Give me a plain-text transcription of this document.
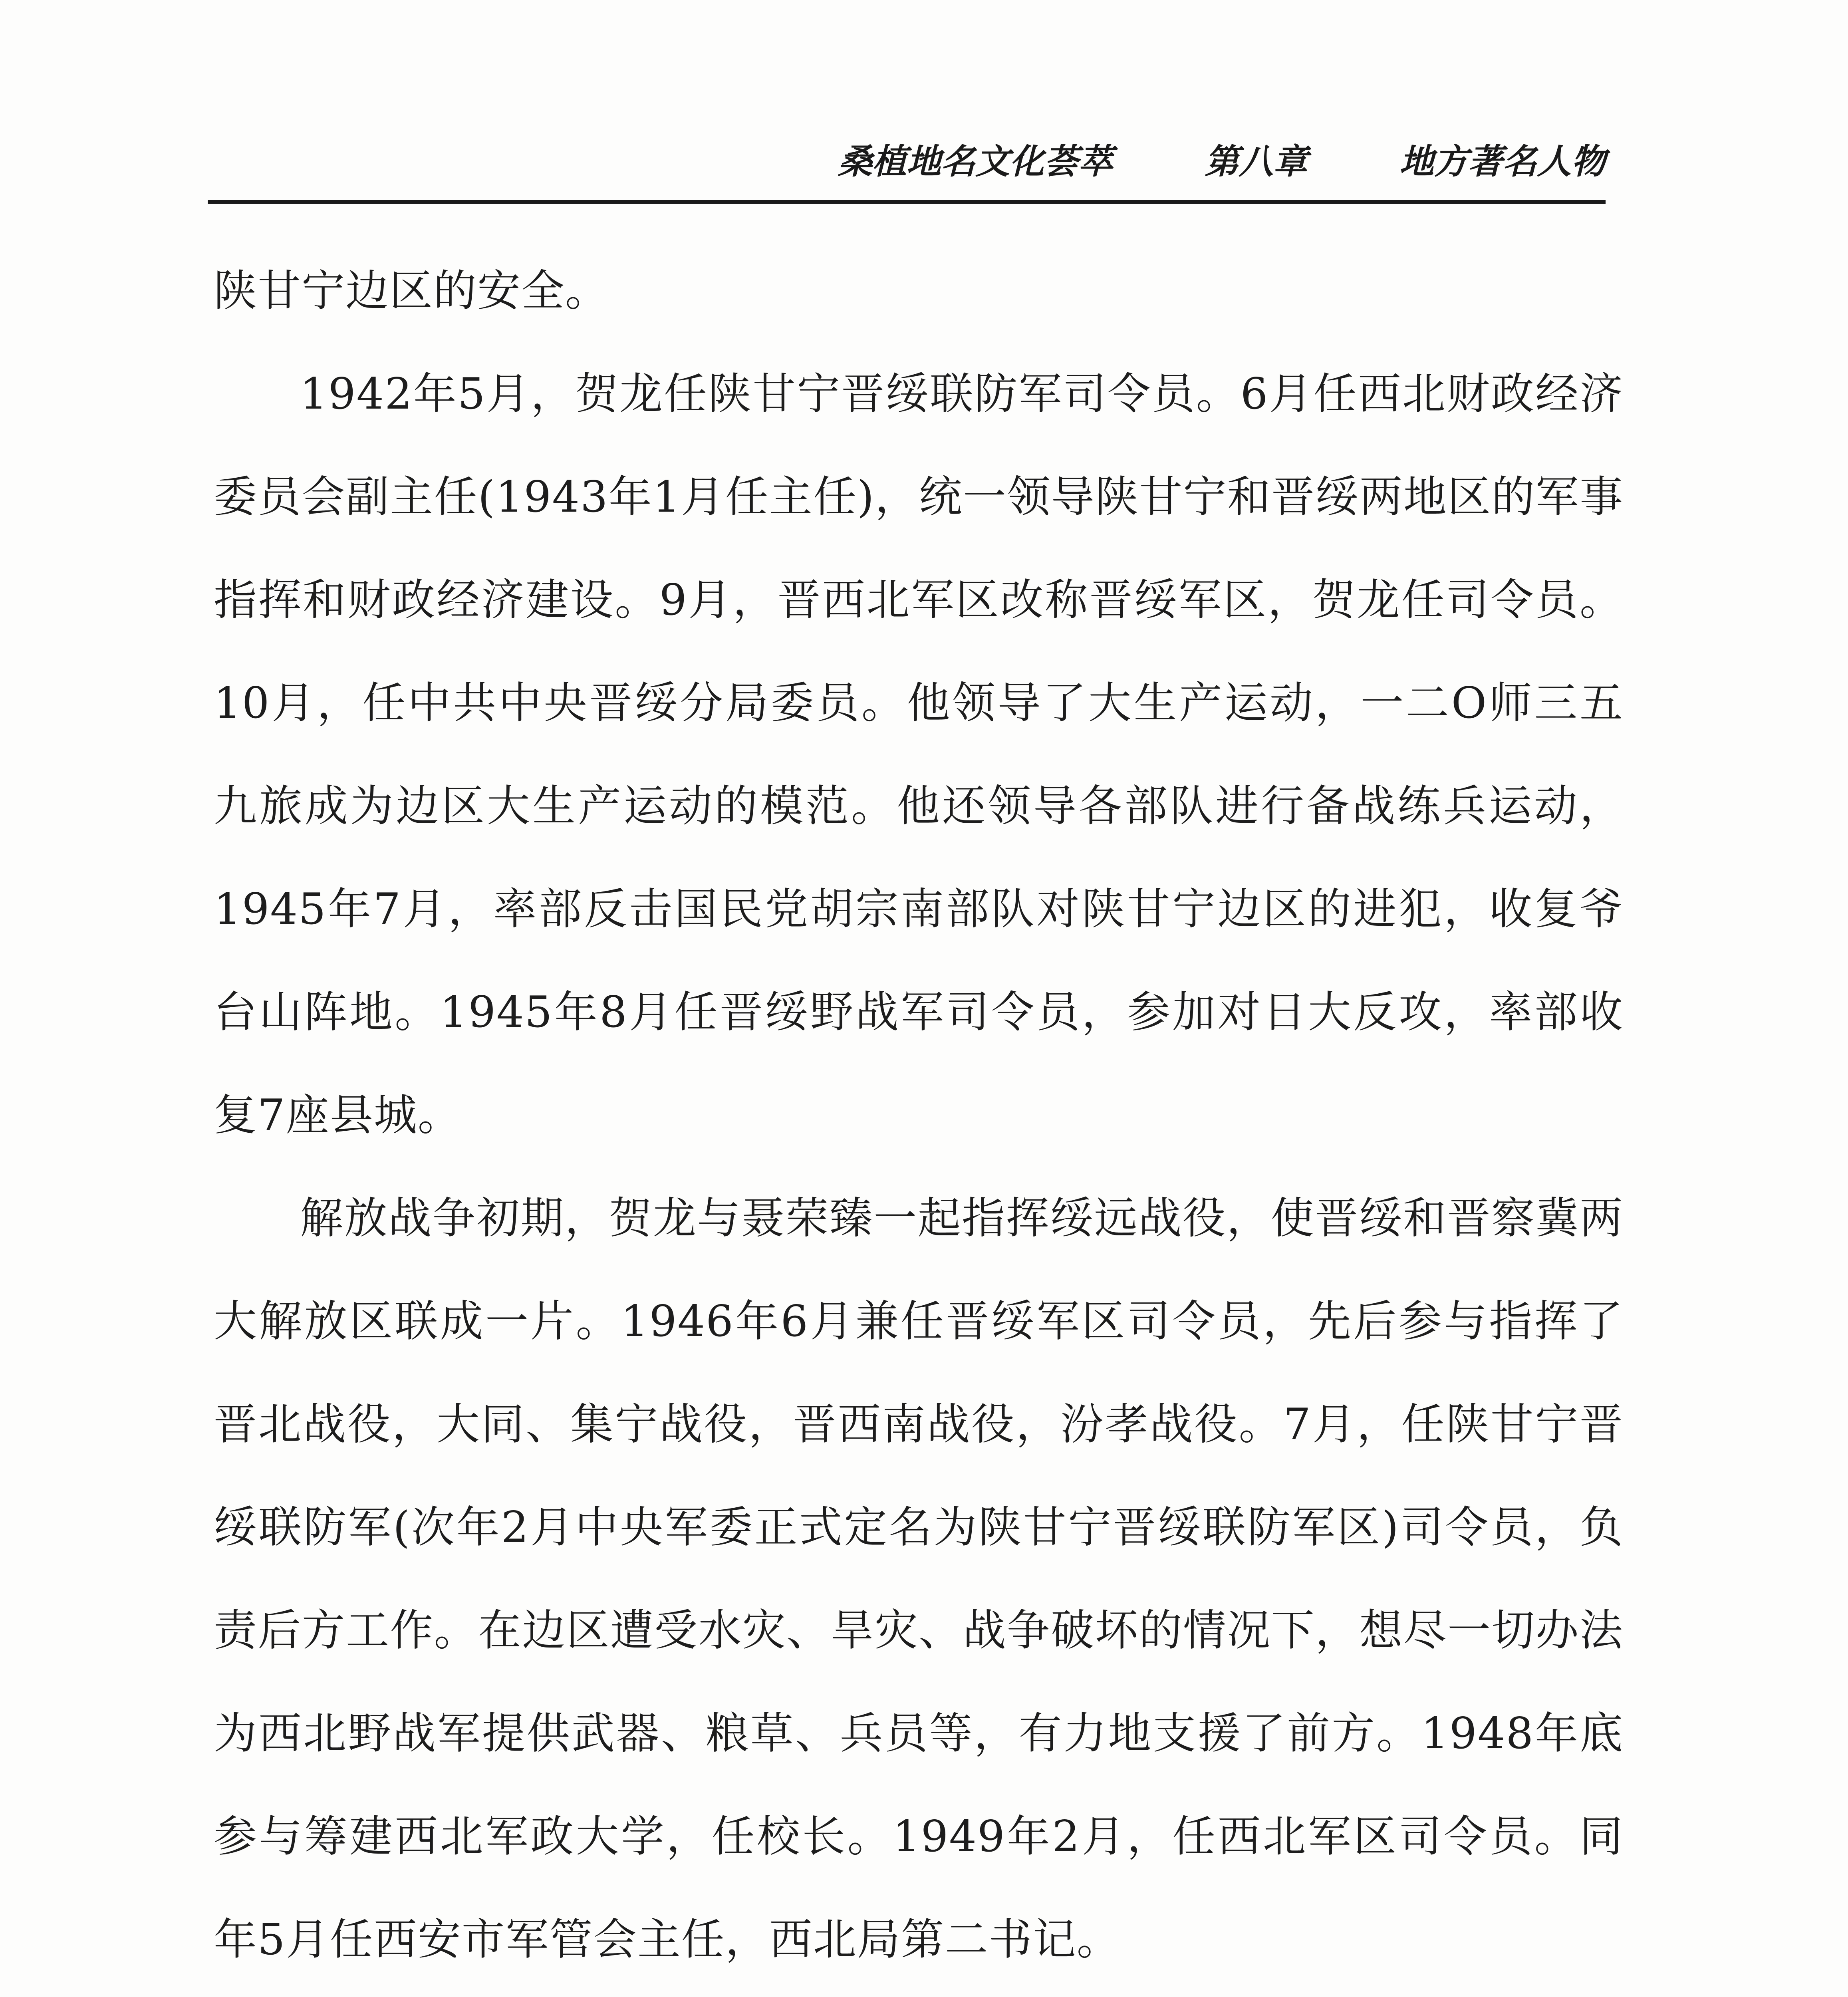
桑植地名文化荟萃	第八章	地方著名人物

陕甘宁边区的安全。

1942年5月，贺龙任陕甘宁晋绥联防军司令员。6月任西北财政经济委员会副主任(1943年1月任主任)，统一领导陕甘宁和晋绥两地区的军事指挥和财政经济建设。9月，晋西北军区改称晋绥军区，贺龙任司令员。10月，任中共中央晋绥分局委员。他领导了大生产运动，一二O师三五九旅成为边区大生产运动的模范。他还领导各部队进行备战练兵运动，1945年7月，率部反击国民党胡宗南部队对陕甘宁边区的进犯，收复爷台山阵地。1945年8月任晋绥野战军司令员，参加对日大反攻，率部收复7座县城。

解放战争初期，贺龙与聂荣臻一起指挥绥远战役，使晋绥和晋察冀两大解放区联成一片。1946年6月兼任晋绥军区司令员，先后参与指挥了晋北战役，大同、集宁战役，晋西南战役，汾孝战役。7月，任陕甘宁晋绥联防军(次年2月中央军委正式定名为陕甘宁晋绥联防军区)司令员，负责后方工作。在边区遭受水灾、旱灾、战争破坏的情况下，想尽一切办法为西北野战军提供武器、粮草、兵员等，有力地支援了前方。1948年底参与筹建西北军政大学，任校长。1949年2月，任西北军区司令员。同年5月任西安市军管会主任，西北局第二书记。
